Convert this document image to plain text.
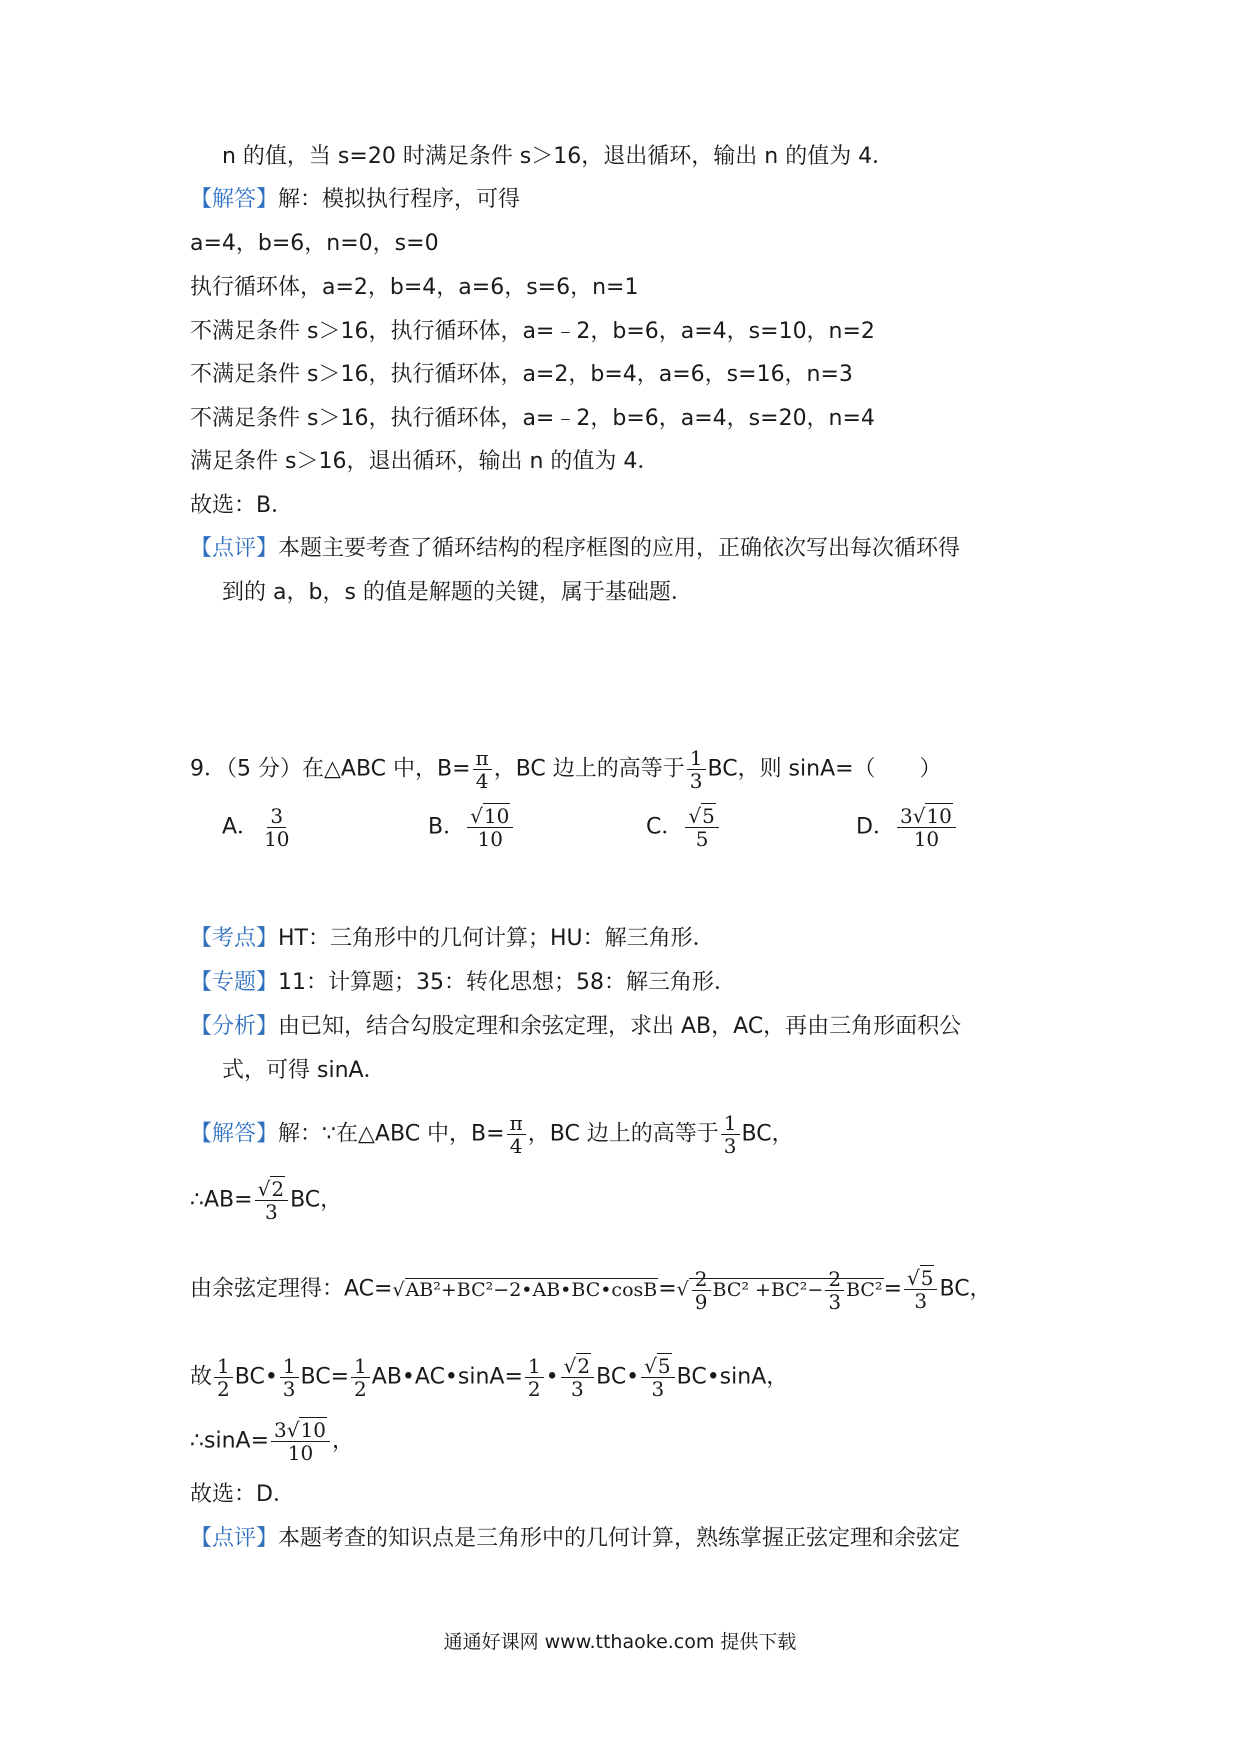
n 的值，当 s=20 时满足条件 s＞16，退出循环，输出 n 的值为 4．
【解答】解：模拟执行程序，可得
a=4，b=6，n=0，s=0
执行循环体，a=2，b=4，a=6，s=6，n=1
不满足条件 s＞16，执行循环体，a=﹣2，b=6，a=4，s=10，n=2
不满足条件 s＞16，执行循环体，a=2，b=4，a=6，s=16，n=3
不满足条件 s＞16，执行循环体，a=﹣2，b=6，a=4，s=20，n=4
满足条件 s＞16，退出循环，输出 n 的值为 4．
故选：B．
【点评】本题主要考查了循环结构的程序框图的应用，正确依次写出每次循环得
到的 a，b，s 的值是解题的关键，属于基础题．
9．（5 分）在△ABC 中，$B= \frac{\pi}{4}$ ，BC 边上的高等于 $\frac{1}{3}$ BC，则 sinA=（　　）
A． $\frac{3}{10}$	B． $\frac{√10}{10}$	C． $\frac{√5}{5}$	D． $\frac{3√10}{10}$
【考点】HT：三角形中的几何计算；HU：解三角形．
【专题】11：计算题；35：转化思想；58：解三角形．
【分析】由已知，结合勾股定理和余弦定理，求出 AB，AC，再由三角形面积公
式，可得 sinA．
【解答】解：∵在△ABC 中，$B= \frac{\pi}{4}$ ，BC 边上的高等于 $\frac{1}{3}$ BC，
∴AB= $\frac{√2}{3}$ BC，
由余弦定理得：AC=√AB²+BC²−2•AB•BC•cosB=√ $\frac{2}{9} BC^2 +BC^2- \frac{2}{3} BC^2= \frac{√5}{3}$ BC，
故 $\frac{1}{2}$ BC• $\frac{1}{3} BC= \frac{1}{2}$ AB•AC•sinA= $\frac{1}{2}$ • $\frac{√2}{3}$ BC• $\frac{√5}{3}$ BC•sinA，
∴sinA= $\frac{3√10}{10}$ ，
故选：D．
【点评】本题考查的知识点是三角形中的几何计算，熟练掌握正弦定理和余弦定
通通好课网 www.tthaoke.com 提供下载
